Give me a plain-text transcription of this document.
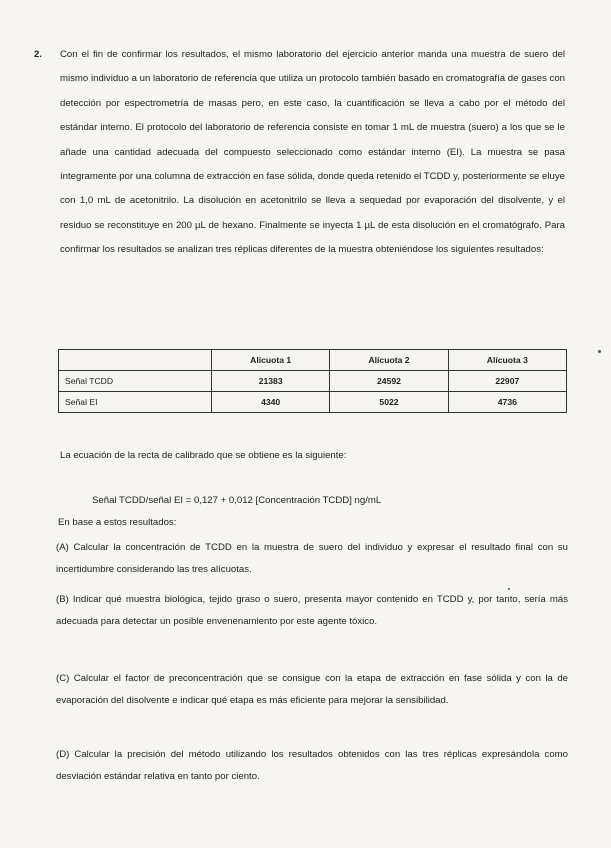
2. Con el fin de confirmar los resultados, el mismo laboratorio del ejercicio anterior manda una muestra de suero del mismo individuo a un laboratorio de referencia que utiliza un protocolo también basado en cromatografía de gases con detección por espectrometría de masas pero, en este caso, la cuantificación se lleva a cabo por el método del estándar interno. El protocolo del laboratorio de referencia consiste en tomar 1 mL de muestra (suero) a los que se le añade una cantidad adecuada del compuesto seleccionado como estándar interno (EI). La muestra se pasa íntegramente por una columna de extracción en fase sólida, donde queda retenido el TCDD y, posteriormente se eluye con 1,0 mL de acetonitrilo. La disolución en acetonitrilo se lleva a sequedad por evaporación del disolvente, y el residuo se reconstituye en 200 µL de hexano. Finalmente se inyecta 1 µL de esta disolución en el cromatógrafo. Para confirmar los resultados se analizan tres réplicas diferentes de la muestra obteniéndose los siguientes resultados:

	Alícuota 1	Alícuota 2	Alícuota 3
Señal TCDD	21383	24592	22907
Señal EI	4340	5022	4736

La ecuación de la recta de calibrado que se obtiene es la siguiente:

Señal TCDD/señal EI = 0,127 + 0,012 [Concentración TCDD] ng/mL

En base a estos resultados:

(A) Calcular la concentración de TCDD en la muestra de suero del individuo y expresar el resultado final con su incertidumbre considerando las tres alícuotas.

(B) Indicar qué muestra biológica, tejido graso o suero, presenta mayor contenido en TCDD y, por tanto, sería más adecuada para detectar un posible envenenamiento por este agente tóxico.

(C) Calcular el factor de preconcentración que se consigue con la etapa de extracción en fase sólida y con la de evaporación del disolvente e indicar qué etapa es más eficiente para mejorar la sensibilidad.

(D) Calcular la precisión del método utilizando los resultados obtenidos con las tres réplicas expresándola como desviación estándar relativa en tanto por ciento.
